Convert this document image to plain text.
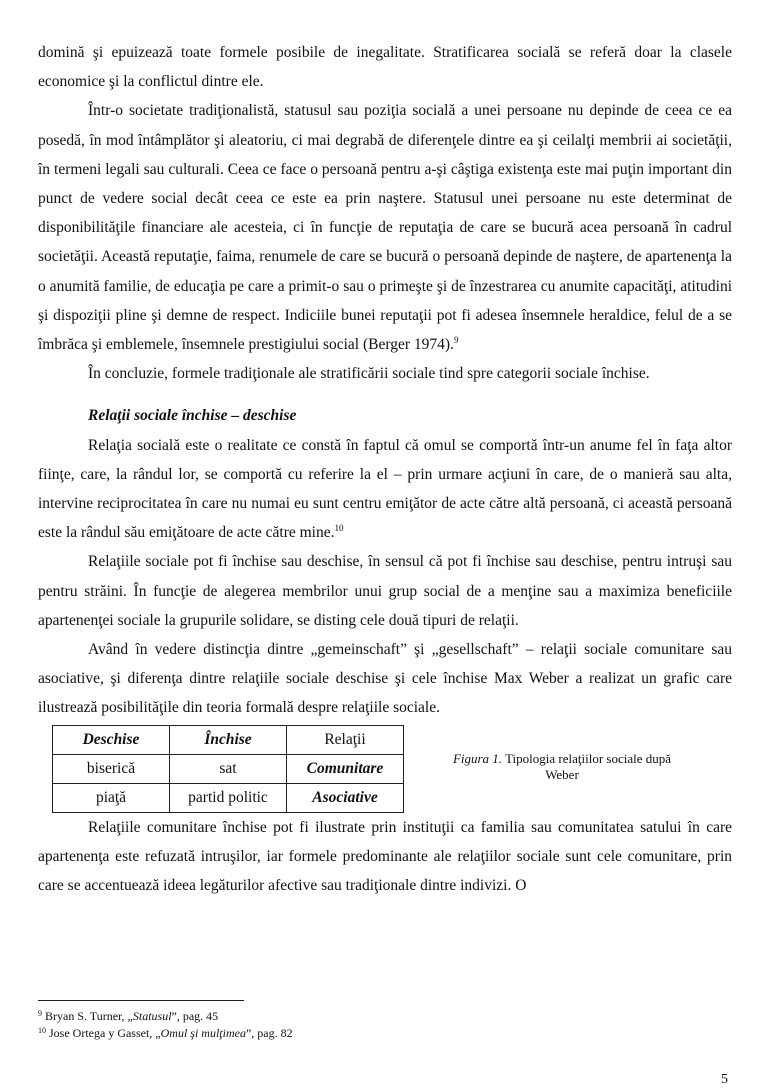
domină şi epuizează toate formele posibile de inegalitate. Stratificarea socială se referă doar la clasele economice şi la conflictul dintre ele.

Într-o societate tradiţionalistă, statusul sau poziţia socială a unei persoane nu depinde de ceea ce ea posedă, în mod întâmplător şi aleatoriu, ci mai degrabă de diferenţele dintre ea şi ceilalţi membrii ai societăţii, în termeni legali sau culturali. Ceea ce face o persoană pentru a-şi câştiga existenţa este mai puţin important din punct de vedere social decât ceea ce este ea prin naştere. Statusul unei persoane nu este determinat de disponibilităţile financiare ale acesteia, ci în funcţie de reputaţia de care se bucură acea persoană în cadrul societăţii. Această reputaţie, faima, renumele de care se bucură o persoană depinde de naştere, de apartenenţa la o anumită familie, de educaţia pe care a primit-o sau o primeşte şi de înzestrarea cu anumite capacităţi, atitudini şi dispoziţii pline şi demne de respect. Indiciile bunei reputaţii pot fi adesea însemnele heraldice, felul de a se îmbrăca şi emblemele, însemnele prestigiului social (Berger 1974).$^9$

În concluzie, formele tradiţionale ale stratificării sociale tind spre categorii sociale închise.

Relaţii sociale închise – deschise

Relaţia socială este o realitate ce constă în faptul că omul se comportă într-un anume fel în faţa altor fiinţe, care, la rândul lor, se comportă cu referire la el – prin urmare acţiuni în care, de o manieră sau alta, intervine reciprocitatea în care nu numai eu sunt centru emiţător de acte către altă persoană, ci această persoană este la rândul său emiţătoare de acte către mine.$^{10}$

Relaţiile sociale pot fi închise sau deschise, în sensul că pot fi închise sau deschise, pentru intruşi sau pentru străini. În funcţie de alegerea membrilor unui grup social de a menţine sau a maximiza beneficiile apartenenţei sociale la grupurile solidare, se disting cele două tipuri de relaţii.

Având în vedere distincţia dintre „gemeinschaft” şi „gesellschaft” – relaţii sociale comunitare sau asociative, şi diferenţa dintre relaţiile sociale deschise şi cele închise Max Weber a realizat un grafic care ilustrează posibilităţile din teoria formală despre relaţiile sociale.

Deschise	Închise	Relaţii
biserică	sat	Comunitare
piaţă	partid politic	Asociative
Figura 1. Tipologia relaţiilor sociale după Weber

Relaţiile comunitare închise pot fi ilustrate prin instituţii ca familia sau comunitatea satului în care apartenenţa este refuzată intruşilor, iar formele predominante ale relaţiilor sociale sunt cele comunitare, prin care se accentuează ideea legăturilor afective sau tradiţionale dintre indivizi. O

$^9$ Bryan S. Turner, „Statusul”, pag. 45
$^{10}$ Jose Ortega y Gasset, „Omul şi mulţimea”, pag. 82
5
